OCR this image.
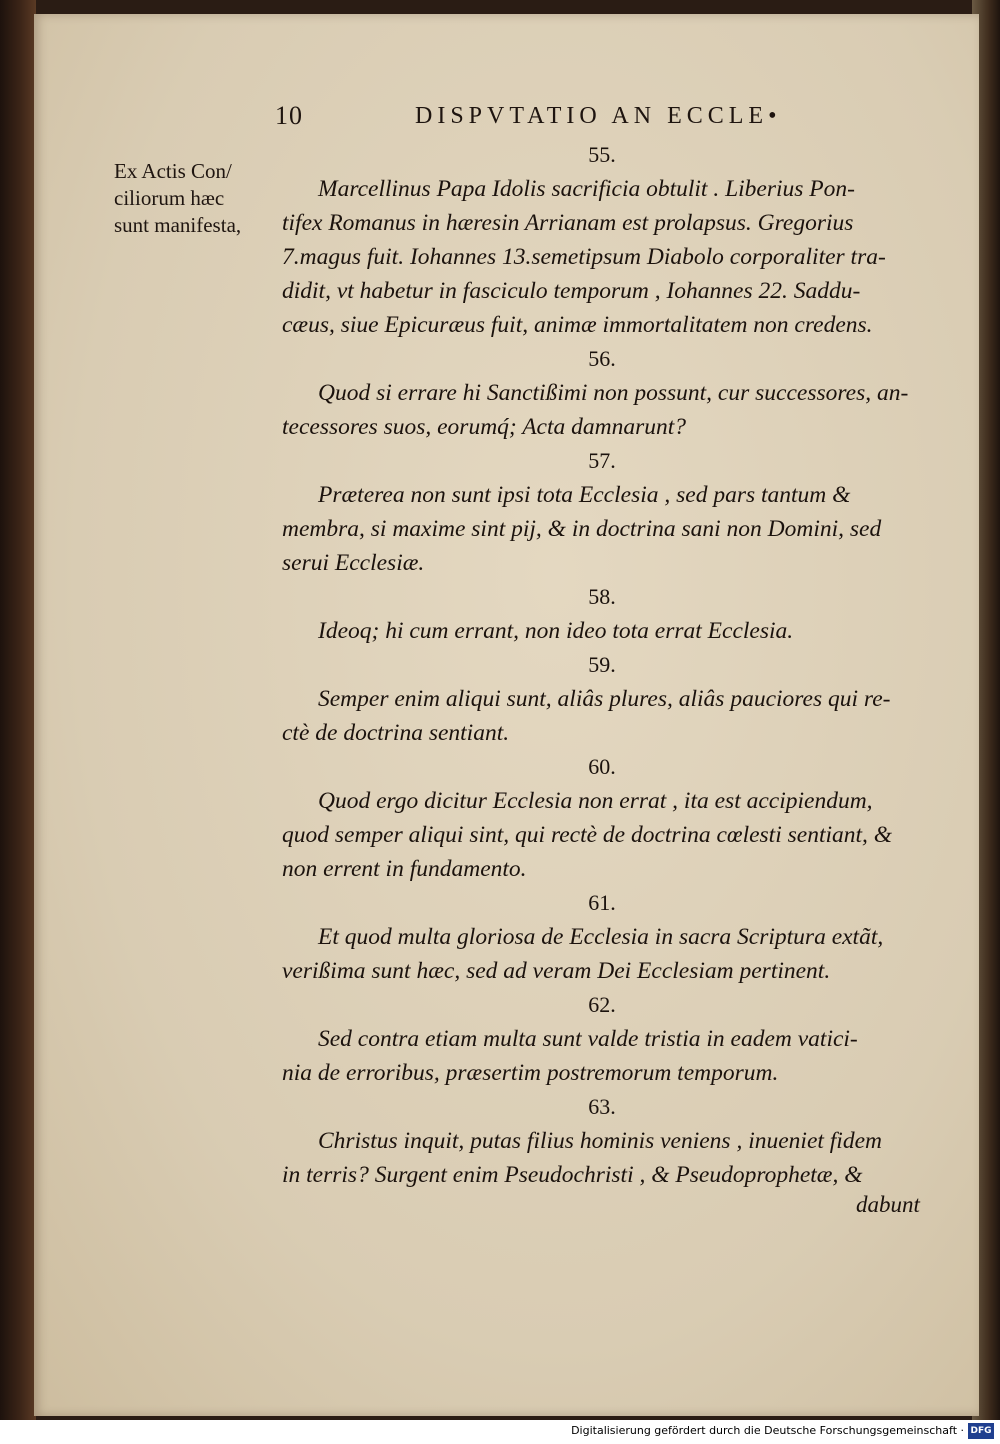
10	DISPVTATIO AN ECCLE•
Ex Actis Con/
ciliorum hæc
sunt manifesta,
55.
Marcellinus Papa Idolis sacrificia obtulit . Liberius Pon-
tifex Romanus in hæresin Arrianam est prolapsus. Gregorius
7.magus fuit. Iohannes 13.semetipsum Diabolo corporaliter tra-
didit, vt habetur in fasciculo temporum , Iohannes 22. Saddu-
cæus, siue Epicuræus fuit, animæ immortalitatem non credens.
56.
Quod si errare hi Sanctißimi non possunt, cur successores, an-
tecessores suos, eorumq́; Acta damnarunt?
57.
Præterea non sunt ipsi tota Ecclesia , sed pars tantum &
membra, si maxime sint pij, & in doctrina sani non Domini, sed
serui Ecclesiæ.
58.
Ideoq; hi cum errant, non ideo tota errat Ecclesia.
59.
Semper enim aliqui sunt, aliâs plures, aliâs pauciores qui re-
ctè de doctrina sentiant.
60.
Quod ergo dicitur Ecclesia non errat , ita est accipiendum,
quod semper aliqui sint, qui rectè de doctrina cœlesti sentiant, &
non errent in fundamento.
61.
Et quod multa gloriosa de Ecclesia in sacra Scriptura extãt,
verißima sunt hæc, sed ad veram Dei Ecclesiam pertinent.
62.
Sed contra etiam multa sunt valde tristia in eadem vatici-
nia de erroribus, præsertim postremorum temporum.
63.
Christus inquit, putas filius hominis veniens , inueniet fidem
in terris? Surgent enim Pseudochristi , & Pseudoprophetæ, &
dabunt
Digitalisierung gefördert durch die Deutsche Forschungsgemeinschaft · DFG
